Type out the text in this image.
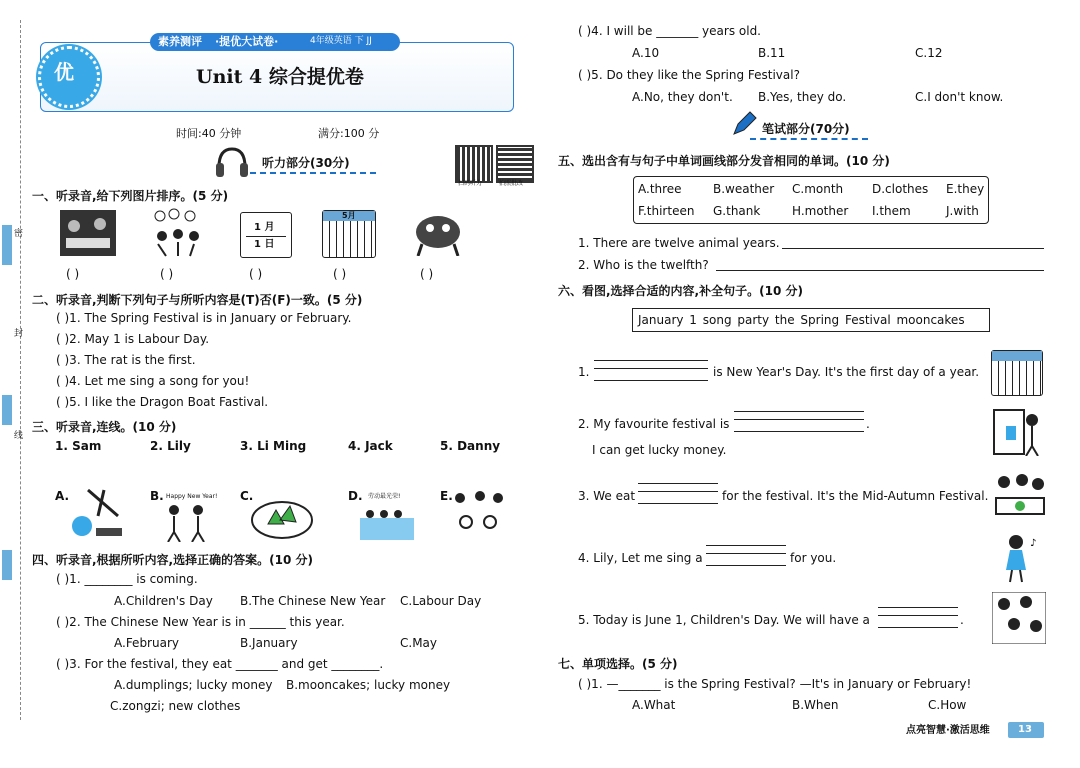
密
封
线
素养测评 ·提优大试卷·	4年级英语 下 JJ
优	Unit 4 综合提优卷
时间:40 分钟	满分:100 分
听力部分(30分)
扫码听力	拍照批改
一、听录音,给下列图片排序。(5 分)
1 月
1 日
5月
( )	( )	( )	( )	( )
二、听录音,判断下列句子与所听内容是(T)否(F)一致。(5 分)
( )1. The Spring Festival is in January or February.
( )2. May 1 is Labour Day.
( )3. The rat is the first.
( )4. Let me sing a song for you!
( )5. I like the Dragon Boat Fastival.
三、听录音,连线。(10 分)
1. Sam	2. Lily	3. Li Ming	4. Jack	5. Danny
A.	B. Happy New Year! C.	D. 劳动最光荣!	E.
四、听录音,根据所听内容,选择正确的答案。(10 分)
( )1. ________ is coming.
A.Children's Day B.The Chinese New Year C.Labour Day
( )2. The Chinese New Year is in ______ this year.
A.February	B.January	C.May
( )3. For the festival, they eat _______ and get ________.
A.dumplings; lucky money B.mooncakes; lucky money
C.zongzi; new clothes
( )4. I will be _______ years old.
A.10	B.11	C.12
( )5. Do they like the Spring Festival?
A.No, they don't. B.Yes, they do.	C.I don't know.
笔试部分(70分)
五、选出含有与句子中单词画线部分发音相同的单词。(10 分)
A.three	B.weather C.month D.clothes E.they
F.thirteen G.thank	H.mother I.them	J.with
1. There are twelve animal years.
2. Who is the twelfth?
六、看图,选择合适的内容,补全句子。(10 分)
January 1 song party the Spring Festival mooncakes
1.	is New Year's Day. It's the first day of a year.
2. My favourite festival is	.
I can get lucky money.
3. We eat	for the festival. It's the Mid-Autumn Festival.
4. Lily, Let me sing a	for you.
♪
5. Today is June 1, Children's Day. We will have a	.
七、单项选择。(5 分)
( )1. —_______ is the Spring Festival? —It's in January or February!
A.What	B.When	C.How
点亮智慧·激活思维	13
